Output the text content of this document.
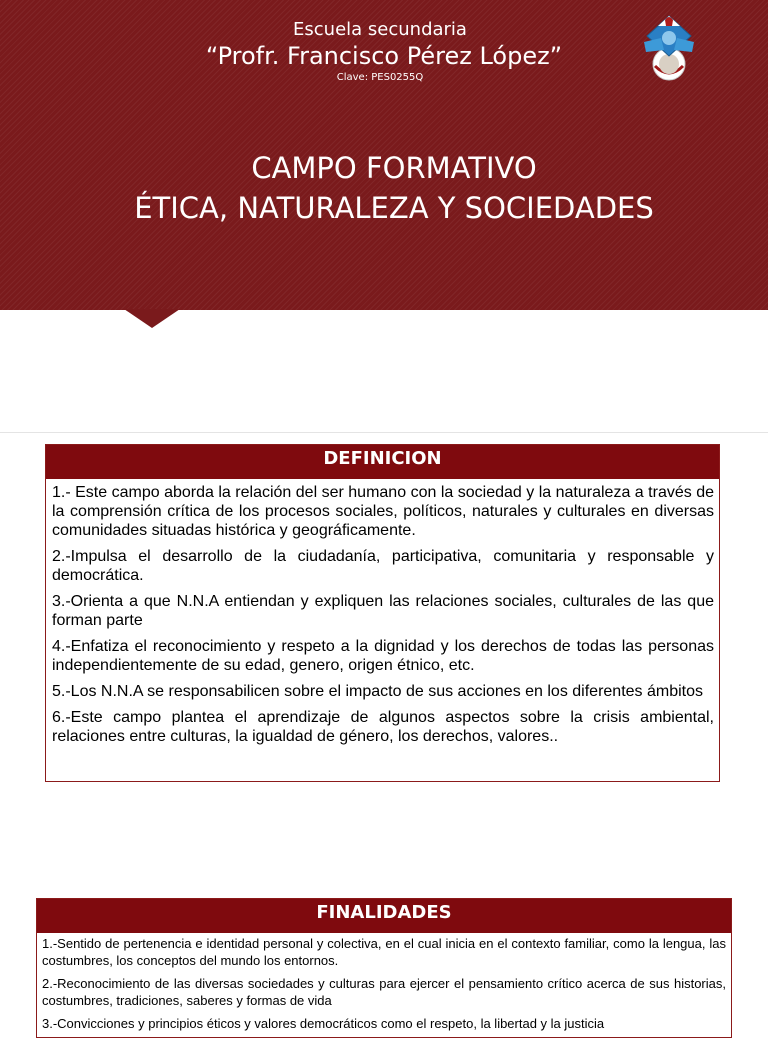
Escuela secundaria
“Profr. Francisco Pérez López”
Clave: PES0255Q
CAMPO FORMATIVO
ÉTICA, NATURALEZA Y SOCIEDADES
DEFINICION
1.- Este campo aborda la relación del ser humano con la sociedad y la naturaleza a través de la comprensión crítica de los procesos sociales, políticos, naturales y culturales en diversas comunidades situadas histórica y geográficamente.
2.-Impulsa el desarrollo de la ciudadanía, participativa, comunitaria y responsable y democrática.
3.-Orienta a que N.N.A entiendan y expliquen las relaciones sociales, culturales de las que forman parte
4.-Enfatiza el reconocimiento y respeto a la dignidad y los derechos de todas las personas independientemente de su edad, genero, origen étnico, etc.
5.-Los N.N.A se responsabilicen sobre el impacto de sus acciones en los diferentes ámbitos
6.-Este campo plantea el aprendizaje de algunos aspectos sobre la crisis ambiental, relaciones entre culturas, la igualdad de género, los derechos, valores..
FINALIDADES
1.-Sentido de pertenencia e identidad personal y colectiva, en el cual inicia en el contexto familiar, como la lengua, las costumbres, los conceptos del mundo los entornos.
2.-Reconocimiento de las diversas sociedades y culturas para ejercer el pensamiento crítico acerca de sus historias, costumbres, tradiciones, saberes y formas de vida
3.-Convicciones y principios éticos y valores democráticos como el respeto, la libertad y la justicia
